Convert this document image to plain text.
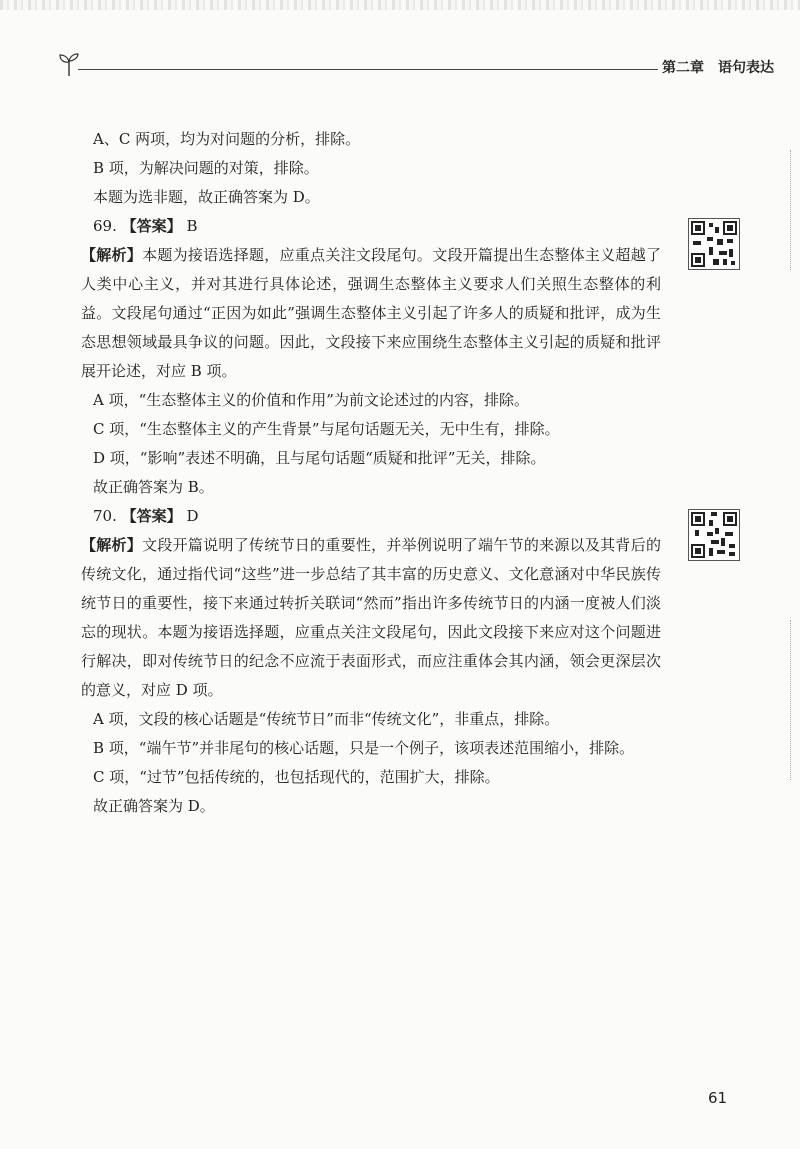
第二章 语句表达

A、C 两项，均为对问题的分析，排除。

B 项，为解决问题的对策，排除。

本题为选非题，故正确答案为 D。

69. 【答案】 B

【解析】本题为接语选择题，应重点关注文段尾句。文段开篇提出生态整体主义超越了人类中心主义，并对其进行具体论述，强调生态整体主义要求人们关照生态整体的利益。文段尾句通过“正因为如此”强调生态整体主义引起了许多人的质疑和批评，成为生态思想领域最具争议的问题。因此，文段接下来应围绕生态整体主义引起的质疑和批评展开论述，对应 B 项。

A 项，“生态整体主义的价值和作用”为前文论述过的内容，排除。

C 项，“生态整体主义的产生背景”与尾句话题无关，无中生有，排除。

D 项，“影响”表述不明确，且与尾句话题“质疑和批评”无关，排除。

故正确答案为 B。

70. 【答案】 D

【解析】文段开篇说明了传统节日的重要性，并举例说明了端午节的来源以及其背后的传统文化，通过指代词“这些”进一步总结了其丰富的历史意义、文化意涵对中华民族传统节日的重要性，接下来通过转折关联词“然而”指出许多传统节日的内涵一度被人们淡忘的现状。本题为接语选择题，应重点关注文段尾句，因此文段接下来应对这个问题进行解决，即对传统节日的纪念不应流于表面形式，而应注重体会其内涵，领会更深层次的意义，对应 D 项。

A 项，文段的核心话题是“传统节日”而非“传统文化”，非重点，排除。

B 项，“端午节”并非尾句的核心话题，只是一个例子，该项表述范围缩小，排除。

C 项，“过节”包括传统的，也包括现代的，范围扩大，排除。

故正确答案为 D。

61
